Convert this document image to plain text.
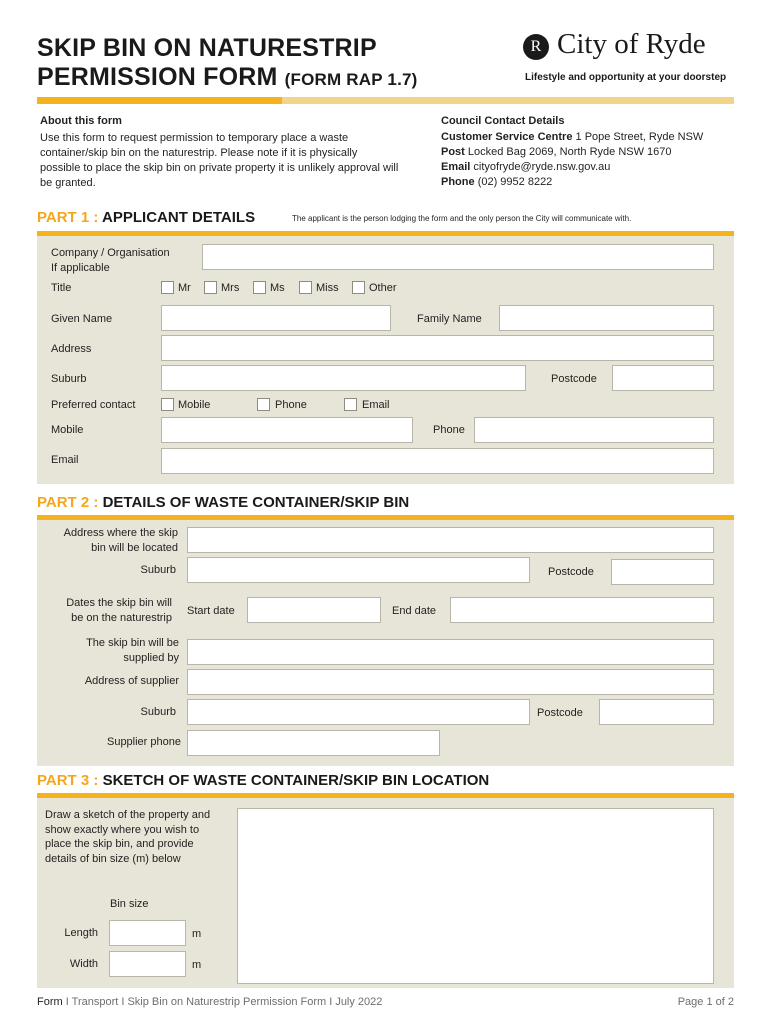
SKIP BIN ON NATURESTRIP
PERMISSION FORM (FORM RAP 1.7)
R City of Ryde
Lifestyle and opportunity at your doorstep
About this form
Use this form to request permission to temporary place a waste container/skip bin on the naturestrip. Please note if it is physically possible to place the skip bin on private property it is unlikely approval will be granted.
Council Contact Details
Customer Service Centre 1 Pope Street, Ryde NSW
Post Locked Bag 2069, North Ryde NSW 1670
Email cityofryde@ryde.nsw.gov.au
Phone (02) 9952 8222
PART 1 : APPLICANT DETAILS	The applicant is the person lodging the form and the only person the City will communicate with.
Company / Organisation
If applicable
Title	Mr	Mrs	Ms	Miss	Other
Given Name	Family Name
Address
Suburb	Postcode
Preferred contact	Mobile	Phone	Email
Mobile	Phone
Email
PART 2 : DETAILS OF WASTE CONTAINER/SKIP BIN
Address where the skip
bin will be located
Suburb	Postcode
Dates the skip bin will
be on the naturestrip
Start date	End date
The skip bin will be
supplied by
Address of supplier
Suburb	Postcode
Supplier phone
PART 3 : SKETCH OF WASTE CONTAINER/SKIP BIN LOCATION
Draw a sketch of the property and show exactly where you wish to place the skip bin, and provide details of bin size (m) below
Bin size
Length	m
Width	m
Form I Transport I Skip Bin on Naturestrip Permission Form I July 2022	Page 1 of 2
